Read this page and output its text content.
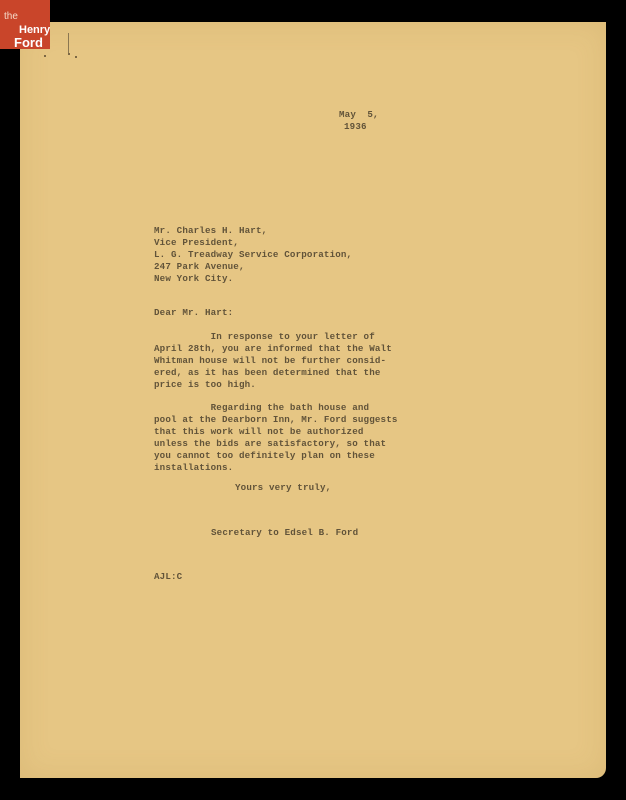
the
Henry
Ford
May  5,
1936
Mr. Charles H. Hart,
Vice President,
L. G. Treadway Service Corporation,
247 Park Avenue,
New York City.
Dear Mr. Hart:
In response to your letter of
April 28th, you are informed that the Walt
Whitman house will not be further consid-
ered, as it has been determined that the
price is too high.
Regarding the bath house and
pool at the Dearborn Inn, Mr. Ford suggests
that this work will not be authorized
unless the bids are satisfactory, so that
you cannot too definitely plan on these
installations.
Yours very truly,
Secretary to Edsel B. Ford
AJL:C
